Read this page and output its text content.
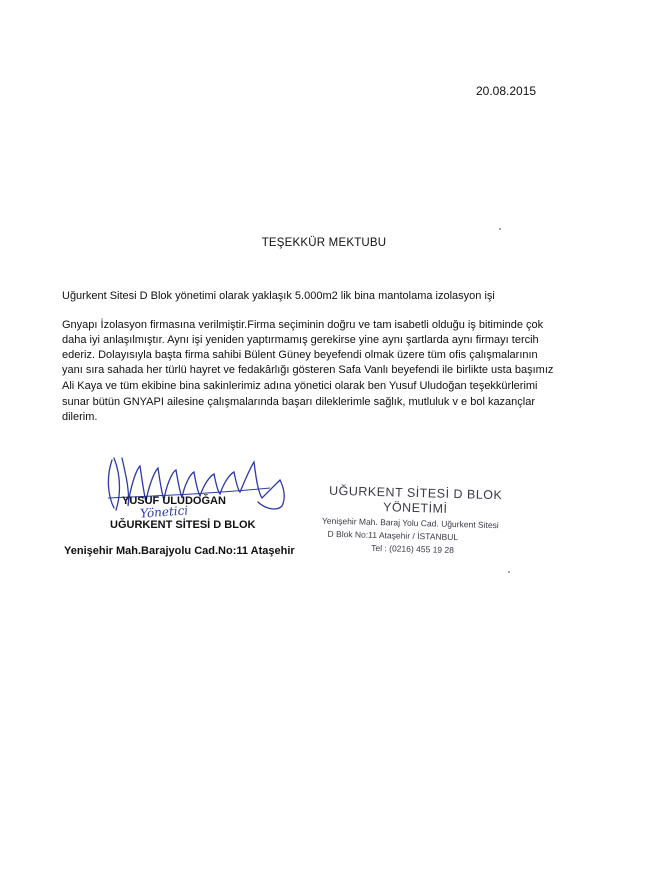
20.08.2015
TEŞEKKÜR MEKTUBU
Uğurkent Sitesi D Blok yönetimi olarak yaklaşık 5.000m2 lik bina mantolama izolasyon işi
Gnyapı İzolasyon firmasına verilmiştir.Firma seçiminin doğru ve tam isabetli olduğu iş bitiminde çok
daha iyi anlaşılmıştır. Aynı işi yeniden yaptırmamış gerekirse yine aynı şartlarda aynı firmayı tercih
ederiz. Dolayısıyla başta firma sahibi Bülent Güney beyefendi olmak üzere tüm ofis çalışmalarının
yanı sıra sahada her türlü hayret ve fedakârlığı gösteren Safa Vanlı beyefendi ile birlikte usta başımız
Ali Kaya ve tüm ekibine bina sakinlerimiz adına yönetici olarak ben Yusuf Uludoğan teşekkürlerimi
sunar bütün GNYAPI ailesine çalışmalarında başarı dileklerimle sağlık, mutluluk v e bol kazançlar
dilerim.
YUSUF ULUDOĞAN
Yönetici
UĞURKENT SİTESİ D BLOK
Yenişehir Mah.Barajyolu Cad.No:11 Ataşehir
UĞURKENT SİTESİ D BLOK
YÖNETİMİ
Yenişehir Mah. Baraj Yolu Cad. Uğurkent Sitesi
D Blok No:11 Ataşehir / İSTANBUL
Tel : (0216) 455 19 28
